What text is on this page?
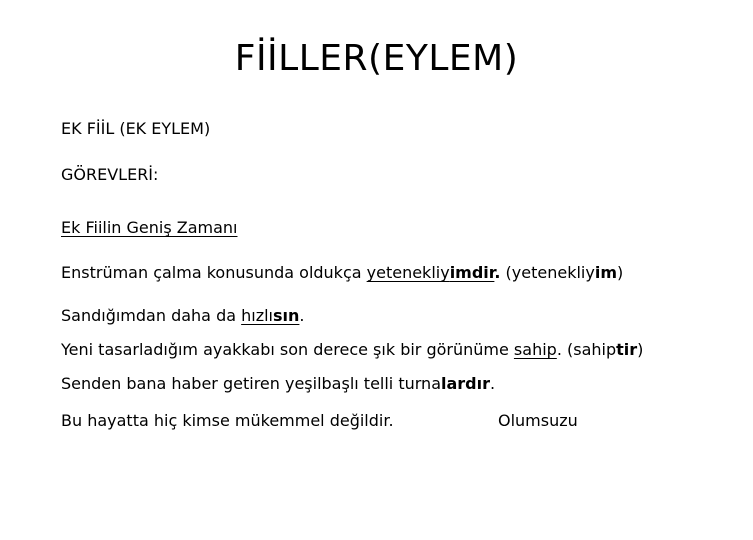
FİİLLER(EYLEM)
EK FİİL (EK EYLEM)
GÖREVLERİ:
Ek Fiilin Geniş Zamanı
Enstrüman çalma konusunda oldukça yetenekliyimdir. (yetenekliyim)
Sandığımdan daha da hızlısın.
Yeni tasarladığım ayakkabı son derece şık bir görünüme sahip. (sahiptir)
Senden bana haber getiren yeşilbaşlı telli turnalardır.
Bu hayatta hiç kimse mükemmel değildir.	Olumsuzu
